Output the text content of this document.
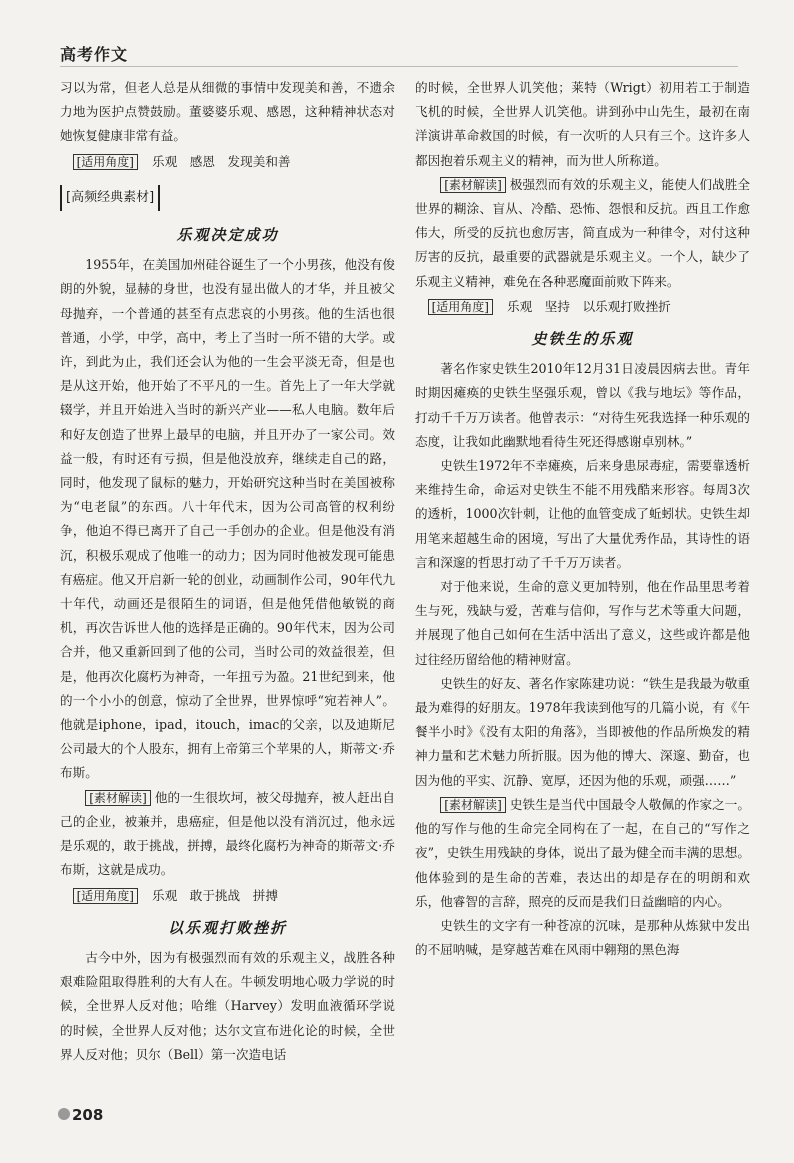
高考作文

习以为常，但老人总是从细微的事情中发现美和善，不遗余力地为医护点赞鼓励。董婆婆乐观、感恩，这种精神状态对她恢复健康非常有益。

[适用角度] 乐观　感恩　发现美和善

[高频经典素材]
乐观决定成功

1955年，在美国加州硅谷诞生了一个小男孩，他没有俊朗的外貌，显赫的身世，也没有显出做人的才华，并且被父母抛弃，一个普通的甚至有点悲哀的小男孩。他的生活也很普通，小学，中学，高中，考上了当时一所不错的大学。或许，到此为止，我们还会认为他的一生会平淡无奇，但是也是从这开始，他开始了不平凡的一生。首先上了一年大学就辍学，并且开始进入当时的新兴产业——私人电脑。数年后和好友创造了世界上最早的电脑，并且开办了一家公司。效益一般，有时还有亏损，但是他没放弃，继续走自己的路，同时，他发现了鼠标的魅力，开始研究这种当时在美国被称为“电老鼠”的东西。八十年代末，因为公司高管的权利纷争，他迫不得已离开了自己一手创办的企业。但是他没有消沉，积极乐观成了他唯一的动力；因为同时他被发现可能患有癌症。他又开启新一轮的创业，动画制作公司，90年代九十年代，动画还是很陌生的词语，但是他凭借他敏锐的商机，再次告诉世人他的选择是正确的。90年代末，因为公司合并，他又重新回到了他的公司，当时公司的效益很差，但是，他再次化腐朽为神奇，一年扭亏为盈。21世纪到来，他的一个小小的创意，惊动了全世界，世界惊呼“宛若神人”。他就是iphone，ipad，itouch，imac的父亲，以及迪斯尼公司最大的个人股东，拥有上帝第三个苹果的人，斯蒂文·乔布斯。

[素材解读] 他的一生很坎坷，被父母抛弃，被人赶出自己的企业，被兼并，患癌症，但是他以没有消沉过，他永远是乐观的，敢于挑战，拼搏，最终化腐朽为神奇的斯蒂文·乔布斯，这就是成功。

[适用角度] 乐观　敢于挑战　拼搏

以乐观打败挫折

古今中外，因为有极强烈而有效的乐观主义，战胜各种艰难险阻取得胜利的大有人在。牛顿发明地心吸力学说的时候，全世界人反对他；哈维（Harvey）发明血液循环学说的时候，全世界人反对他；达尔文宣布进化论的时候，全世界人反对他；贝尔（Bell）第一次造电话

的时候，全世界人讥笑他；莱特（Wrigt）初用若工于制造飞机的时候，全世界人讥笑他。讲到孙中山先生，最初在南洋演讲革命救国的时候，有一次听的人只有三个。这许多人都因抱着乐观主义的精神，而为世人所称道。

[素材解读] 极强烈而有效的乐观主义，能使人们战胜全世界的糊涂、盲从、冷酷、恐怖、怨恨和反抗。西且工作愈伟大，所受的反抗也愈厉害，简直成为一种律令，对付这种厉害的反抗，最重要的武器就是乐观主义。一个人，缺少了乐观主义精神，难免在各种恶魔面前败下阵来。

[适用角度] 乐观　坚持　以乐观打败挫折

史铁生的乐观

著名作家史铁生2010年12月31日凌晨因病去世。青年时期因瘫痪的史铁生坚强乐观，曾以《我与地坛》等作品，打动千千万万读者。他曾表示：“对待生死我选择一种乐观的态度，让我如此幽默地看待生死还得感谢卓别林。”

史铁生1972年不幸瘫痪，后来身患尿毒症，需要靠透析来维持生命，命运对史铁生不能不用残酷来形容。每周3次的透析，1000次针刺，让他的血管变成了蚯蚓状。史铁生却用笔来超越生命的困境，写出了大量优秀作品，其诗性的语言和深邃的哲思打动了千千万万读者。

对于他来说，生命的意义更加特别，他在作品里思考着生与死，残缺与爱，苦难与信仰，写作与艺术等重大问题，并展现了他自己如何在生活中活出了意义，这些或许都是他过往经历留给他的精神财富。

史铁生的好友、著名作家陈建功说：“铁生是我最为敬重最为难得的好朋友。1978年我读到他写的几篇小说，有《午餐半小时》《没有太阳的角落》，当即被他的作品所焕发的精神力量和艺术魅力所折服。因为他的博大、深邃、勤奋，也因为他的平实、沉静、宽厚，还因为他的乐观，顽强……”

[素材解读] 史铁生是当代中国最令人敬佩的作家之一。他的写作与他的生命完全同构在了一起，在自己的“写作之夜”，史铁生用残缺的身体，说出了最为健全而丰满的思想。他体验到的是生命的苦难，表达出的却是存在的明朗和欢乐，他睿智的言辞，照亮的反而是我们日益幽暗的内心。

史铁生的文字有一种苍凉的沉味，是那种从炼狱中发出的不屈呐喊，是穿越苦难在风雨中翱翔的黑色海

208
